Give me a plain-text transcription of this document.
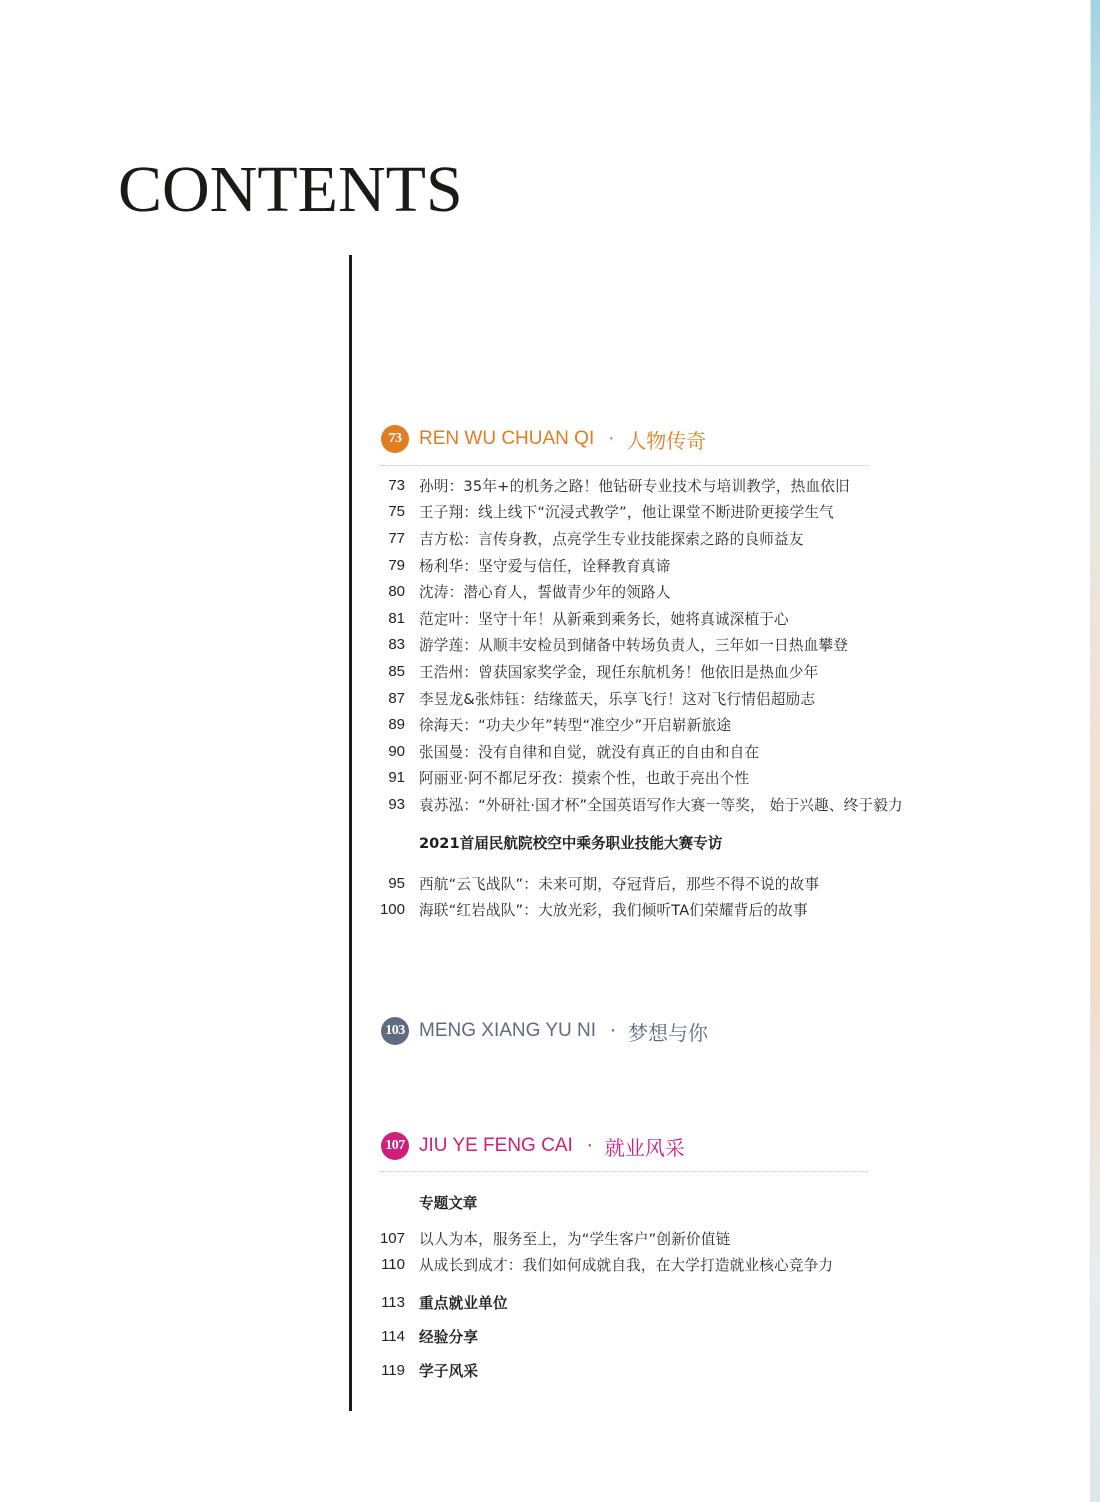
CONTENTS
73 REN WU CHUAN QI · 人物传奇
73 孙明：35年+的机务之路！他钻研专业技术与培训教学，热血依旧
75 王子翔：线上线下“沉浸式教学”，他让课堂不断进阶更接学生气
77 吉方松：言传身教，点亮学生专业技能探索之路的良师益友
79 杨利华：坚守爱与信任，诠释教育真谛
80 沈涛：潜心育人，誓做青少年的领路人
81 范定叶：坚守十年！从新乘到乘务长，她将真诚深植于心
83 游学莲：从顺丰安检员到储备中转场负责人，三年如一日热血攀登
85 王浩州：曾获国家奖学金，现任东航机务！他依旧是热血少年
87 李昱龙&张炜钰：结缘蓝天，乐享飞行！这对飞行情侣超励志
89 徐海天：“功夫少年”转型“准空少”开启崭新旅途
90 张国曼：没有自律和自觉，就没有真正的自由和自在
91 阿丽亚·阿不都尼牙孜：摸索个性，也敢于亮出个性
93 袁苏泓：“外研社·国才杯”全国英语写作大赛一等奖， 始于兴趣、终于毅力
2021首届民航院校空中乘务职业技能大赛专访
95 西航“云飞战队”：未来可期，夺冠背后，那些不得不说的故事
100 海联“红岩战队”：大放光彩，我们倾听TA们荣耀背后的故事
103 MENG XIANG YU NI · 梦想与你
107 JIU YE FENG CAI · 就业风采
专题文章
107 以人为本，服务至上，为“学生客户”创新价值链
110 从成长到成才：我们如何成就自我，在大学打造就业核心竞争力
113 重点就业单位
114 经验分享
119 学子风采
